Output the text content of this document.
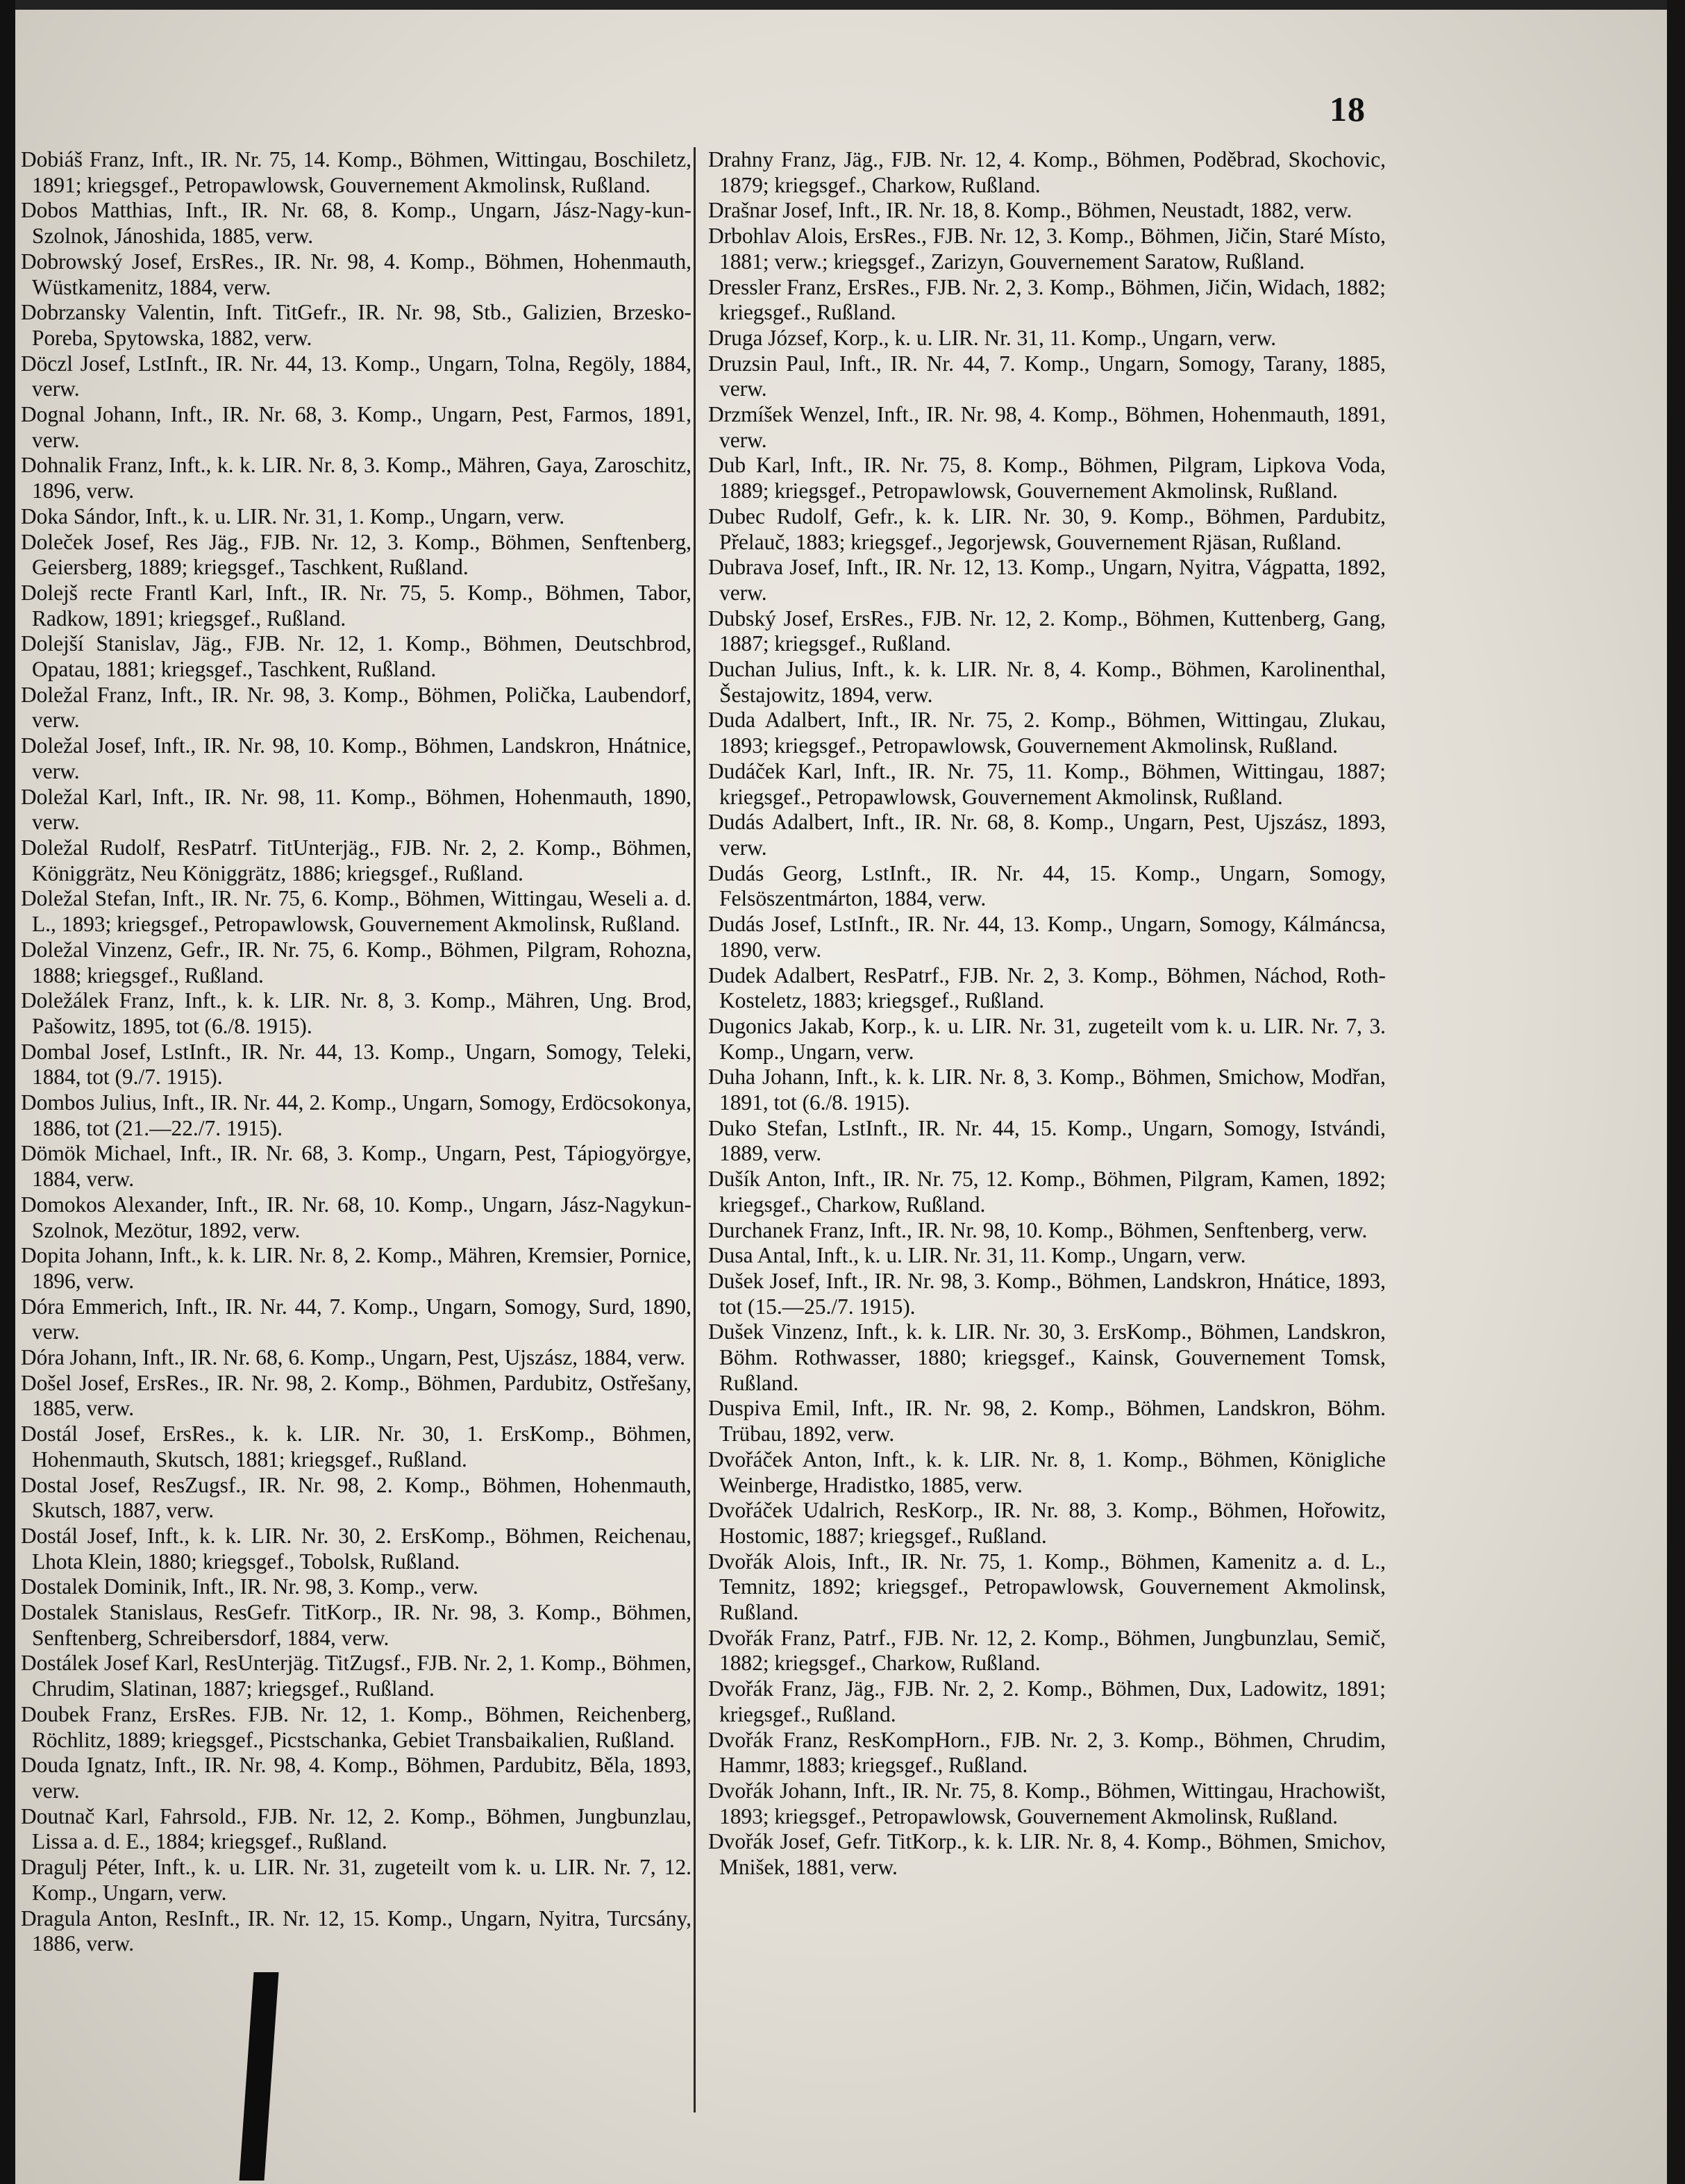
18

Dobiáš Franz, Inft., IR. Nr. 75, 14. Komp., Böhmen, Wittingau, Boschiletz, 1891; kriegsgef., Petropawlowsk, Gouvernement Akmolinsk, Rußland.

Dobos Matthias, Inft., IR. Nr. 68, 8. Komp., Ungarn, Jász-Nagy-kun-Szolnok, Jánoshida, 1885, verw.

Dobrowský Josef, ErsRes., IR. Nr. 98, 4. Komp., Böhmen, Hohenmauth, Wüstkamenitz, 1884, verw.

Dobrzansky Valentin, Inft. TitGefr., IR. Nr. 98, Stb., Galizien, Brzesko-Poreba, Spytowska, 1882, verw.

Döczl Josef, LstInft., IR. Nr. 44, 13. Komp., Ungarn, Tolna, Regöly, 1884, verw.

Dognal Johann, Inft., IR. Nr. 68, 3. Komp., Ungarn, Pest, Farmos, 1891, verw.

Dohnalik Franz, Inft., k. k. LIR. Nr. 8, 3. Komp., Mähren, Gaya, Zaroschitz, 1896, verw.

Doka Sándor, Inft., k. u. LIR. Nr. 31, 1. Komp., Ungarn, verw.

Doleček Josef, Res Jäg., FJB. Nr. 12, 3. Komp., Böhmen, Senftenberg, Geiersberg, 1889; kriegsgef., Taschkent, Rußland.

Dolejš recte Frantl Karl, Inft., IR. Nr. 75, 5. Komp., Böhmen, Tabor, Radkow, 1891; kriegsgef., Rußland.

Dolejší Stanislav, Jäg., FJB. Nr. 12, 1. Komp., Böhmen, Deutschbrod, Opatau, 1881; kriegsgef., Taschkent, Rußland.

Doležal Franz, Inft., IR. Nr. 98, 3. Komp., Böhmen, Polička, Laubendorf, verw.

Doležal Josef, Inft., IR. Nr. 98, 10. Komp., Böhmen, Landskron, Hnátnice, verw.

Doležal Karl, Inft., IR. Nr. 98, 11. Komp., Böhmen, Hohenmauth, 1890, verw.

Doležal Rudolf, ResPatrf. TitUnterjäg., FJB. Nr. 2, 2. Komp., Böhmen, Königgrätz, Neu Königgrätz, 1886; kriegsgef., Rußland.

Doležal Stefan, Inft., IR. Nr. 75, 6. Komp., Böhmen, Wittingau, Weseli a. d. L., 1893; kriegsgef., Petropawlowsk, Gouvernement Akmolinsk, Rußland.

Doležal Vinzenz, Gefr., IR. Nr. 75, 6. Komp., Böhmen, Pilgram, Rohozna, 1888; kriegsgef., Rußland.

Doležálek Franz, Inft., k. k. LIR. Nr. 8, 3. Komp., Mähren, Ung. Brod, Pašowitz, 1895, tot (6./8. 1915).

Dombal Josef, LstInft., IR. Nr. 44, 13. Komp., Ungarn, Somogy, Teleki, 1884, tot (9./7. 1915).

Dombos Julius, Inft., IR. Nr. 44, 2. Komp., Ungarn, Somogy, Erdöcsokonya, 1886, tot (21.—22./7. 1915).

Dömök Michael, Inft., IR. Nr. 68, 3. Komp., Ungarn, Pest, Tápiogyörgye, 1884, verw.

Domokos Alexander, Inft., IR. Nr. 68, 10. Komp., Ungarn, Jász-Nagykun-Szolnok, Mezötur, 1892, verw.

Dopita Johann, Inft., k. k. LIR. Nr. 8, 2. Komp., Mähren, Kremsier, Pornice, 1896, verw.

Dóra Emmerich, Inft., IR. Nr. 44, 7. Komp., Ungarn, Somogy, Surd, 1890, verw.

Dóra Johann, Inft., IR. Nr. 68, 6. Komp., Ungarn, Pest, Ujszász, 1884, verw.

Došel Josef, ErsRes., IR. Nr. 98, 2. Komp., Böhmen, Pardubitz, Ostřešany, 1885, verw.

Dostál Josef, ErsRes., k. k. LIR. Nr. 30, 1. ErsKomp., Böhmen, Hohenmauth, Skutsch, 1881; kriegsgef., Rußland.

Dostal Josef, ResZugsf., IR. Nr. 98, 2. Komp., Böhmen, Hohenmauth, Skutsch, 1887, verw.

Dostál Josef, Inft., k. k. LIR. Nr. 30, 2. ErsKomp., Böhmen, Reichenau, Lhota Klein, 1880; kriegsgef., Tobolsk, Rußland.

Dostalek Dominik, Inft., IR. Nr. 98, 3. Komp., verw.

Dostalek Stanislaus, ResGefr. TitKorp., IR. Nr. 98, 3. Komp., Böhmen, Senftenberg, Schreibersdorf, 1884, verw.

Dostálek Josef Karl, ResUnterjäg. TitZugsf., FJB. Nr. 2, 1. Komp., Böhmen, Chrudim, Slatinan, 1887; kriegsgef., Rußland.

Doubek Franz, ErsRes. FJB. Nr. 12, 1. Komp., Böhmen, Reichenberg, Röchlitz, 1889; kriegsgef., Picstschanka, Gebiet Transbaikalien, Rußland.

Douda Ignatz, Inft., IR. Nr. 98, 4. Komp., Böhmen, Pardubitz, Běla, 1893, verw.

Doutnač Karl, Fahrsold., FJB. Nr. 12, 2. Komp., Böhmen, Jungbunzlau, Lissa a. d. E., 1884; kriegsgef., Rußland.

Dragulj Péter, Inft., k. u. LIR. Nr. 31, zugeteilt vom k. u. LIR. Nr. 7, 12. Komp., Ungarn, verw.

Dragula Anton, ResInft., IR. Nr. 12, 15. Komp., Ungarn, Nyitra, Turcsány, 1886, verw.

Drahny Franz, Jäg., FJB. Nr. 12, 4. Komp., Böhmen, Poděbrad, Skochovic, 1879; kriegsgef., Charkow, Rußland.

Drašnar Josef, Inft., IR. Nr. 18, 8. Komp., Böhmen, Neustadt, 1882, verw.

Drbohlav Alois, ErsRes., FJB. Nr. 12, 3. Komp., Böhmen, Jičin, Staré Místo, 1881; verw.; kriegsgef., Zarizyn, Gouvernement Saratow, Rußland.

Dressler Franz, ErsRes., FJB. Nr. 2, 3. Komp., Böhmen, Jičin, Widach, 1882; kriegsgef., Rußland.

Druga József, Korp., k. u. LIR. Nr. 31, 11. Komp., Ungarn, verw.

Druzsin Paul, Inft., IR. Nr. 44, 7. Komp., Ungarn, Somogy, Tarany, 1885, verw.

Drzmíšek Wenzel, Inft., IR. Nr. 98, 4. Komp., Böhmen, Hohenmauth, 1891, verw.

Dub Karl, Inft., IR. Nr. 75, 8. Komp., Böhmen, Pilgram, Lipkova Voda, 1889; kriegsgef., Petropawlowsk, Gouvernement Akmolinsk, Rußland.

Dubec Rudolf, Gefr., k. k. LIR. Nr. 30, 9. Komp., Böhmen, Pardubitz, Přelauč, 1883; kriegsgef., Jegorjewsk, Gouvernement Rjäsan, Rußland.

Dubrava Josef, Inft., IR. Nr. 12, 13. Komp., Ungarn, Nyitra, Vágpatta, 1892, verw.

Dubský Josef, ErsRes., FJB. Nr. 12, 2. Komp., Böhmen, Kuttenberg, Gang, 1887; kriegsgef., Rußland.

Duchan Julius, Inft., k. k. LIR. Nr. 8, 4. Komp., Böhmen, Karolinenthal, Šestajowitz, 1894, verw.

Duda Adalbert, Inft., IR. Nr. 75, 2. Komp., Böhmen, Wittingau, Zlukau, 1893; kriegsgef., Petropawlowsk, Gouvernement Akmolinsk, Rußland.

Dudáček Karl, Inft., IR. Nr. 75, 11. Komp., Böhmen, Wittingau, 1887; kriegsgef., Petropawlowsk, Gouvernement Akmolinsk, Rußland.

Dudás Adalbert, Inft., IR. Nr. 68, 8. Komp., Ungarn, Pest, Ujszász, 1893, verw.

Dudás Georg, LstInft., IR. Nr. 44, 15. Komp., Ungarn, Somogy, Felsöszentmárton, 1884, verw.

Dudás Josef, LstInft., IR. Nr. 44, 13. Komp., Ungarn, Somogy, Kálmáncsa, 1890, verw.

Dudek Adalbert, ResPatrf., FJB. Nr. 2, 3. Komp., Böhmen, Náchod, Roth-Kosteletz, 1883; kriegsgef., Rußland.

Dugonics Jakab, Korp., k. u. LIR. Nr. 31, zugeteilt vom k. u. LIR. Nr. 7, 3. Komp., Ungarn, verw.

Duha Johann, Inft., k. k. LIR. Nr. 8, 3. Komp., Böhmen, Smichow, Modřan, 1891, tot (6./8. 1915).

Duko Stefan, LstInft., IR. Nr. 44, 15. Komp., Ungarn, Somogy, Istvándi, 1889, verw.

Dušík Anton, Inft., IR. Nr. 75, 12. Komp., Böhmen, Pilgram, Kamen, 1892; kriegsgef., Charkow, Rußland.

Durchanek Franz, Inft., IR. Nr. 98, 10. Komp., Böhmen, Senftenberg, verw.

Dusa Antal, Inft., k. u. LIR. Nr. 31, 11. Komp., Ungarn, verw.

Dušek Josef, Inft., IR. Nr. 98, 3. Komp., Böhmen, Landskron, Hnátice, 1893, tot (15.—25./7. 1915).

Dušek Vinzenz, Inft., k. k. LIR. Nr. 30, 3. ErsKomp., Böhmen, Landskron, Böhm. Rothwasser, 1880; kriegsgef., Kainsk, Gouvernement Tomsk, Rußland.

Duspiva Emil, Inft., IR. Nr. 98, 2. Komp., Böhmen, Landskron, Böhm. Trübau, 1892, verw.

Dvořáček Anton, Inft., k. k. LIR. Nr. 8, 1. Komp., Böhmen, Königliche Weinberge, Hradistko, 1885, verw.

Dvořáček Udalrich, ResKorp., IR. Nr. 88, 3. Komp., Böhmen, Hořowitz, Hostomic, 1887; kriegsgef., Rußland.

Dvořák Alois, Inft., IR. Nr. 75, 1. Komp., Böhmen, Kamenitz a. d. L., Temnitz, 1892; kriegsgef., Petropawlowsk, Gouvernement Akmolinsk, Rußland.

Dvořák Franz, Patrf., FJB. Nr. 12, 2. Komp., Böhmen, Jungbunzlau, Semič, 1882; kriegsgef., Charkow, Rußland.

Dvořák Franz, Jäg., FJB. Nr. 2, 2. Komp., Böhmen, Dux, Ladowitz, 1891; kriegsgef., Rußland.

Dvořák Franz, ResKompHorn., FJB. Nr. 2, 3. Komp., Böhmen, Chrudim, Hammr, 1883; kriegsgef., Rußland.

Dvořák Johann, Inft., IR. Nr. 75, 8. Komp., Böhmen, Wittingau, Hrachowišt, 1893; kriegsgef., Petropawlowsk, Gouvernement Akmolinsk, Rußland.

Dvořák Josef, Gefr. TitKorp., k. k. LIR. Nr. 8, 4. Komp., Böhmen, Smichov, Mnišek, 1881, verw.
